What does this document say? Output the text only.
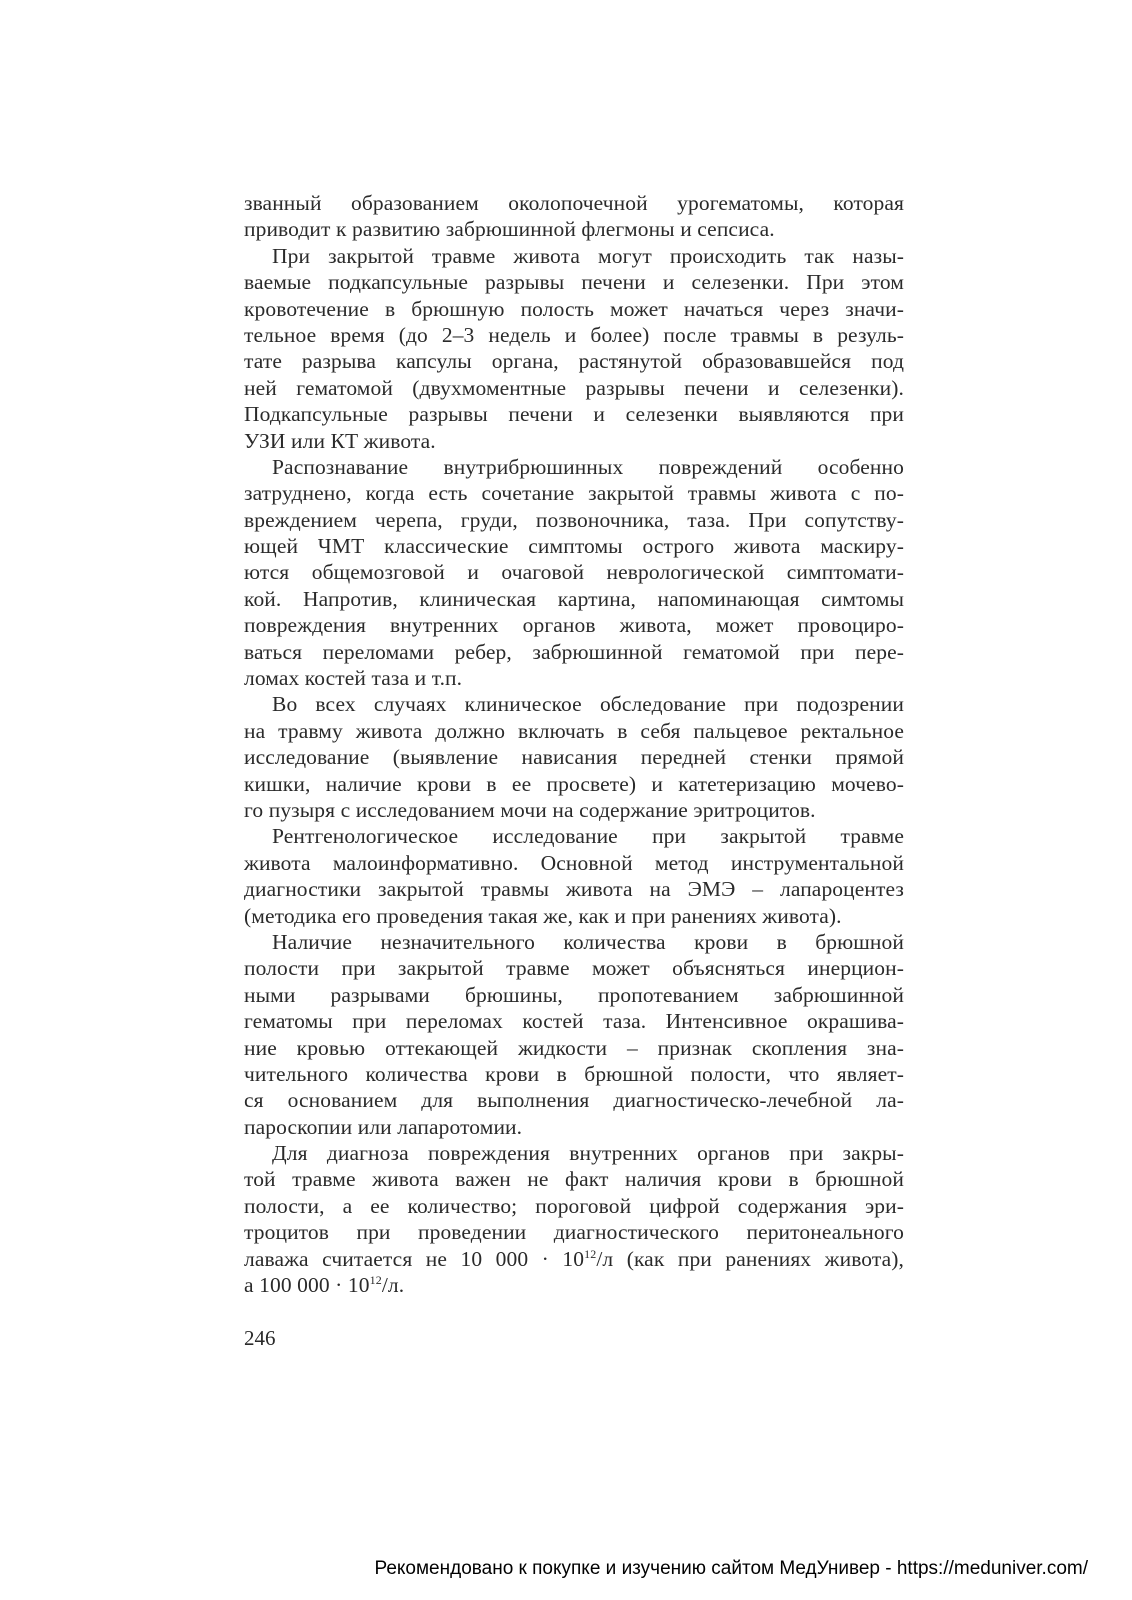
званный образованием околопочечной урогематомы, которая
приводит к развитию забрюшинной флегмоны и сепсиса.
При закрытой травме живота могут происходить так назы-
ваемые подкапсульные разрывы печени и селезенки. При этом
кровотечение в брюшную полость может начаться через значи-
тельное время (до 2–3 недель и более) после травмы в резуль-
тате разрыва капсулы органа, растянутой образовавшейся под
ней гематомой (двухмоментные разрывы печени и селезенки).
Подкапсульные разрывы печени и селезенки выявляются при
УЗИ или КТ живота.
Распознавание внутрибрюшинных повреждений особенно
затруднено, когда есть сочетание закрытой травмы живота с по-
вреждением черепа, груди, позвоночника, таза. При сопутству-
ющей ЧМТ классические симптомы острого живота маскиру-
ются общемозговой и очаговой неврологической симптомати-
кой. Напротив, клиническая картина, напоминающая симтомы
повреждения внутренних органов живота, может провоциро-
ваться переломами ребер, забрюшинной гематомой при пере-
ломах костей таза и т.п.
Во всех случаях клиническое обследование при подозрении
на травму живота должно включать в себя пальцевое ректальное
исследование (выявление нависания передней стенки прямой
кишки, наличие крови в ее просвете) и катетеризацию мочево-
го пузыря с исследованием мочи на содержание эритроцитов.
Рентгенологическое исследование при закрытой травме
живота малоинформативно. Основной метод инструментальной
диагностики закрытой травмы живота на ЭМЭ – лапароцентез
(методика его проведения такая же, как и при ранениях живота).
Наличие незначительного количества крови в брюшной
полости при закрытой травме может объясняться инерцион-
ными разрывами брюшины, пропотеванием забрюшинной
гематомы при переломах костей таза. Интенсивное окрашива-
ние кровью оттекающей жидкости – признак скопления зна-
чительного количества крови в брюшной полости, что являет-
ся основанием для выполнения диагностическо-лечебной ла-
пароскопии или лапаротомии.
Для диагноза повреждения внутренних органов при закры-
той травме живота важен не факт наличия крови в брюшной
полости, а ее количество; пороговой цифрой содержания эри-
троцитов при проведении диагностического перитонеального
лаважа считается не 10 $000 \cdot 10^{12}/л$ (как при ранениях живота),
а 100 $000 \cdot 10^{12}/л$.
246
Рекомендовано к покупке и изучению сайтом МедУнивер - https://meduniver.com/
